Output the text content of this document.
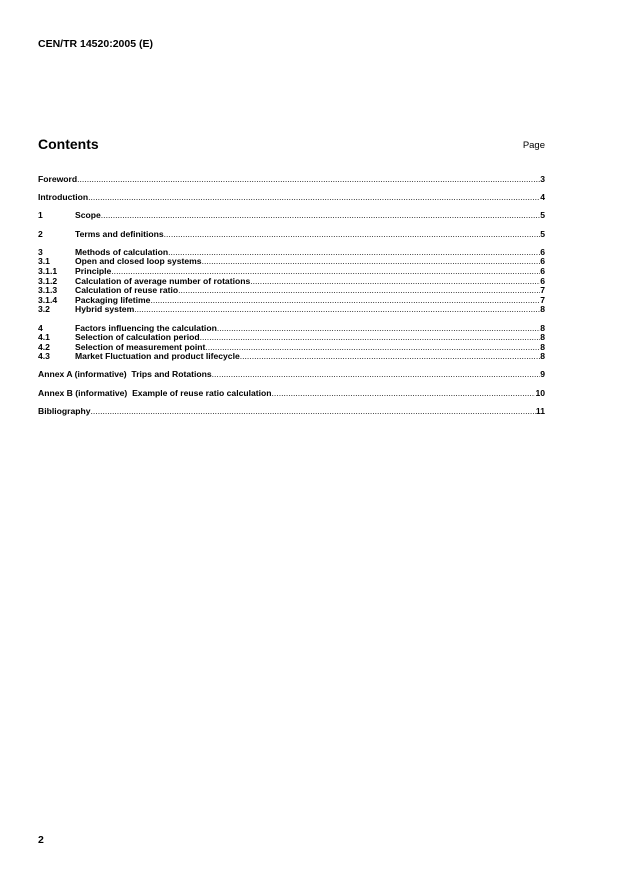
CEN/TR 14520:2005 (E)
Contents	Page
Foreword .....	3
Introduction .....	4
1	Scope .....	5
2	Terms and definitions .....	5
3	Methods of calculation .....	6
3.1	Open and closed loop systems .....	6
3.1.1	Principle .....	6
3.1.2	Calculation of average number of rotations .....	6
3.1.3	Calculation of reuse ratio .....	7
3.1.4	Packaging lifetime .....	7
3.2	Hybrid system .....	8
4	Factors influencing the calculation .....	8
4.1	Selection of calculation period .....	8
4.2	Selection of measurement point .....	8
4.3	Market Fluctuation and product lifecycle .....	8
Annex A (informative)  Trips and Rotations .....	9
Annex B (informative)  Example of reuse ratio calculation .....	10
Bibliography .....	11
2
